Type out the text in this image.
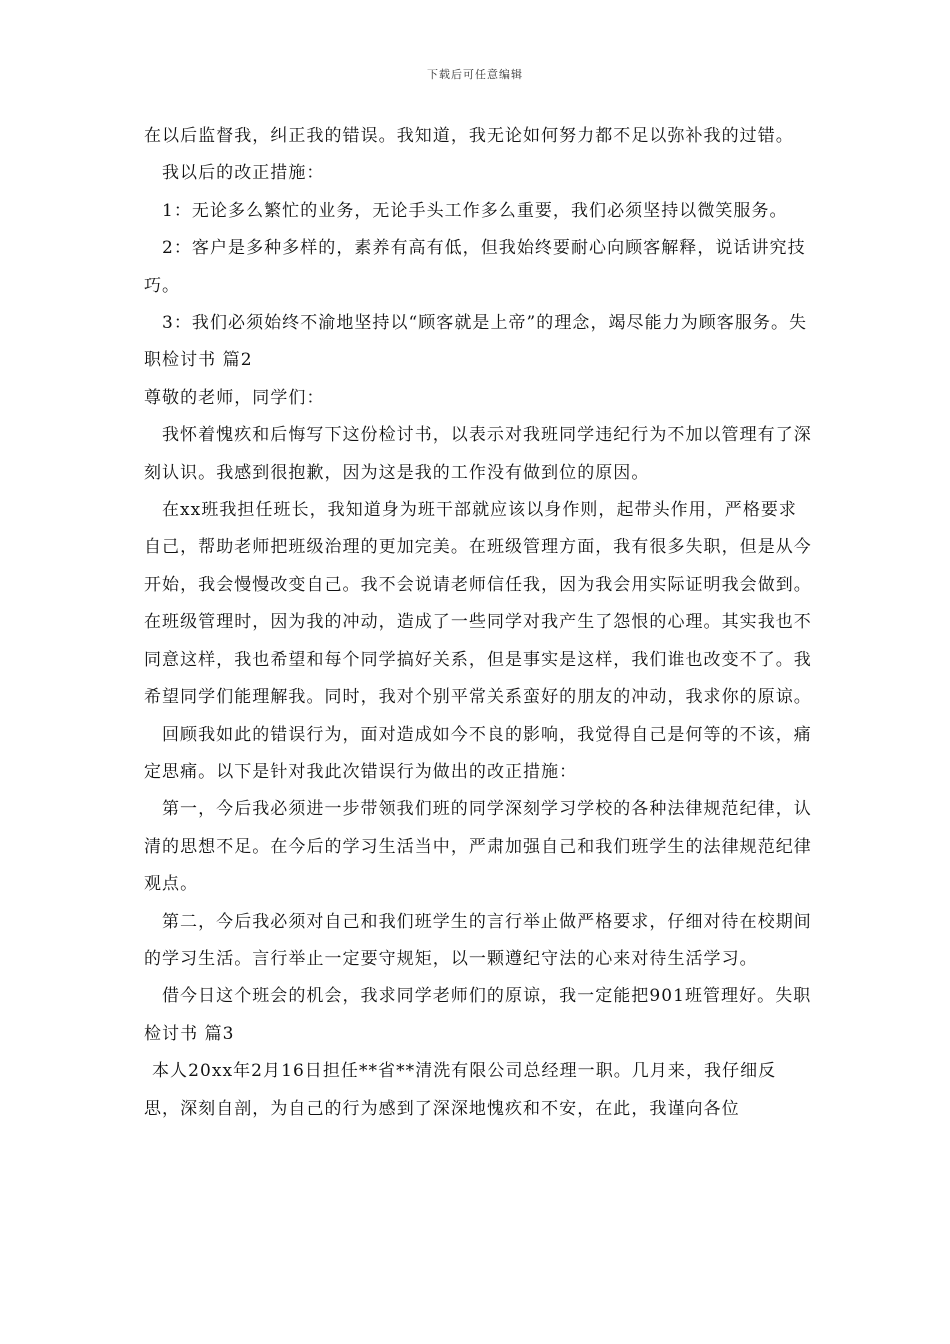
下载后可任意编辑

在以后监督我，纠正我的错误。我知道，我无论如何努力都不足以弥补我的过错。

我以后的改正措施：

1：无论多么繁忙的业务，无论手头工作多么重要，我们必须坚持以微笑服务。

2：客户是多种多样的，素养有高有低，但我始终要耐心向顾客解释，说话讲究技巧。

3：我们必须始终不渝地坚持以“顾客就是上帝”的理念，竭尽能力为顾客服务。失职检讨书 篇2

尊敬的老师，同学们：

我怀着愧疚和后悔写下这份检讨书，以表示对我班同学违纪行为不加以管理有了深刻认识。我感到很抱歉，因为这是我的工作没有做到位的原因。

在xx班我担任班长，我知道身为班干部就应该以身作则，起带头作用，严格要求自己，帮助老师把班级治理的更加完美。在班级管理方面，我有很多失职，但是从今开始，我会慢慢改变自己。我不会说请老师信任我，因为我会用实际证明我会做到。在班级管理时，因为我的冲动，造成了一些同学对我产生了怨恨的心理。其实我也不同意这样，我也希望和每个同学搞好关系，但是事实是这样，我们谁也改变不了。我希望同学们能理解我。同时，我对个别平常关系蛮好的朋友的冲动，我求你的原谅。

回顾我如此的错误行为，面对造成如今不良的影响，我觉得自己是何等的不该，痛定思痛。以下是针对我此次错误行为做出的改正措施：

第一，今后我必须进一步带领我们班的同学深刻学习学校的各种法律规范纪律，认清的思想不足。在今后的学习生活当中，严肃加强自己和我们班学生的法律规范纪律观点。

第二，今后我必须对自己和我们班学生的言行举止做严格要求，仔细对待在校期间的学习生活。言行举止一定要守规矩，以一颗遵纪守法的心来对待生活学习。

借今日这个班会的机会，我求同学老师们的原谅，我一定能把901班管理好。失职检讨书 篇3

本人20xx年2月16日担任**省**清洗有限公司总经理一职。几月来，我仔细反思，深刻自剖，为自己的行为感到了深深地愧疚和不安，在此，我谨向各位
